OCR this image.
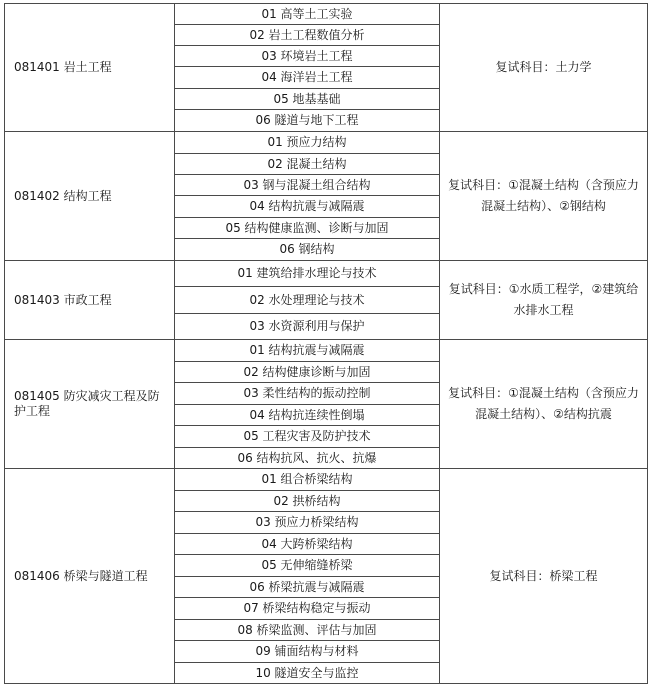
081401 岩土工程	01 高等土工实验	复试科目：土力学
	02 岩土工程数值分析	
	03 环境岩土工程	
	04 海洋岩土工程	
	05 地基基础	
	06 隧道与地下工程	
081402 结构工程	01 预应力结构	复试科目：①混凝土结构（含预应力混凝土结构）、②钢结构
	02 混凝土结构	
	03 钢与混凝土组合结构	
	04 结构抗震与减隔震	
	05 结构健康监测、诊断与加固	
	06 钢结构	
081403 市政工程	01 建筑给排水理论与技术	复试科目：①水质工程学，②建筑给水排水工程
	02 水处理理论与技术	
	03 水资源利用与保护	
081405 防灾减灾工程及防护工程	01 结构抗震与减隔震	复试科目：①混凝土结构（含预应力混凝土结构）、②结构抗震
	02 结构健康诊断与加固	
	03 柔性结构的振动控制	
	04 结构抗连续性倒塌	
	05 工程灾害及防护技术	
	06 结构抗风、抗火、抗爆	
081406 桥梁与隧道工程	01 组合桥梁结构	复试科目：桥梁工程
	02 拱桥结构	
	03 预应力桥梁结构	
	04 大跨桥梁结构	
	05 无伸缩缝桥梁	
	06 桥梁抗震与减隔震	
	07 桥梁结构稳定与振动	
	08 桥梁监测、评估与加固	
	09 铺面结构与材料	
	10 隧道安全与监控	
